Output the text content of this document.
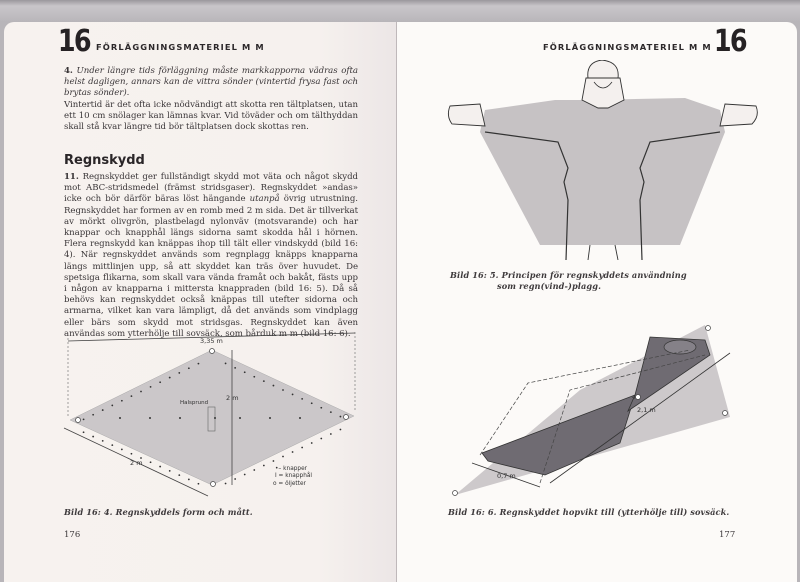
16 FÖRLÄGGNINGSMATERIEL M M
4. Under längre tids förläggning måste markkapporna vädras ofta helst dagligen, annars kan de vittra sönder (vintertid frysa fast och brytas sönder).
Vintertid är det ofta icke nödvändigt att skotta ren tältplatsen, utan ett 10 cm snölager kan lämnas kvar. Vid töväder och om tälthyddan skall stå kvar längre tid bör tältplatsen dock skottas ren.
Regnskydd
11. Regnskyddet ger fullständigt skydd mot väta och något skydd mot ABC-stridsmedel (främst stridsgaser). Regnskyddet »andas» icke och bör därför bäras löst hängande utanpå övrig utrustning. Regnskyddet har formen av en romb med 2 m sida. Det är tillverkat av mörkt olivgrön, plastbelagd nylonväv (motsvarande) och har knappar och knapphål längs sidorna samt skodda hål i hörnen. Flera regnskydd kan knäppas ihop till tält eller vindskydd (bild 16: 4). När regnskyddet används som regnplagg knäpps knapparna längs mittlinjen upp, så att skyddet kan träs över huvudet. De spetsiga flikarna, som skall vara vända framåt och bakåt, fästs upp i någon av knapparna i mittersta knappraden (bild 16: 5). Då så behövs kan regnskyddet också knäppas till utefter sidorna och armarna, vilket kan vara lämpligt, då det används som vindplagg eller bärs som skydd mot stridsgas. Regnskyddet kan även användas som ytterhölje till sovsäck, som bårduk m m (bild 16: 6).
3,35 m
2 m
2 m
Halsprund
•– knapper
I = knapphål
o = öljetter
Bild 16: 4. Regnskyddels form och mått.
176
FÖRLÄGGNINGSMATERIEL M M 16
Bild 16: 5. Principen för regnskyddets användning
som regn(vind-)plagg.
2,1 m
0,7 m
4
Bild 16: 6. Regnskyddet hopvikt till (ytterhölje till) sovsäck.
177
